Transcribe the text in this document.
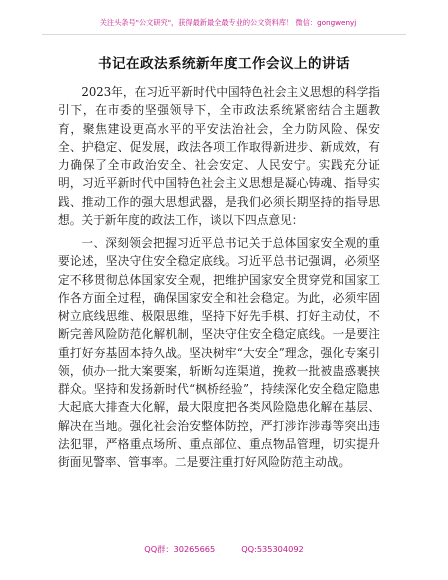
关注头条号"公文研究"，获得最新最全最专业的公文资料库！ 微信：gongwenyj
书记在政法系统新年度工作会议上的讲话

2023年，在习近平新时代中国特色社会主义思想的科学指引下，在市委的坚强领导下，全市政法系统紧密结合主题教育，聚焦建设更高水平的平安法治社会，全力防风险、保安全、护稳定、促发展，政法各项工作取得新进步、新成效，有力确保了全市政治安全、社会安定、人民安宁。实践充分证明，习近平新时代中国特色社会主义思想是凝心铸魂、指导实践、推动工作的强大思想武器，是我们必须长期坚持的指导思想。关于新年度的政法工作，谈以下四点意见：

一、深刻领会把握习近平总书记关于总体国家安全观的重要论述，坚决守住安全稳定底线。习近平总书记强调，必须坚定不移贯彻总体国家安全观，把维护国家安全贯穿党和国家工作各方面全过程，确保国家安全和社会稳定。为此，必须牢固树立底线思维、极限思维，坚持下好先手棋、打好主动仗，不断完善风险防范化解机制，坚决守住安全稳定底线。一是要注重打好夯基固本持久战。坚决树牢“大安全”理念，强化专案引领，侦办一批大案要案，斩断勾连渠道，挽救一批被蛊惑裹挟群众。坚持和发扬新时代“枫桥经验”，持续深化安全稳定隐患大起底大排查大化解，最大限度把各类风险隐患化解在基层、解决在当地。强化社会治安整体防控，严打涉诈涉毒等突出违法犯罪，严格重点场所、重点部位、重点物品管理，切实提升街面见警率、管事率。二是要注重打好风险防范主动战。

QQ群：30265665	QQ:535304092
